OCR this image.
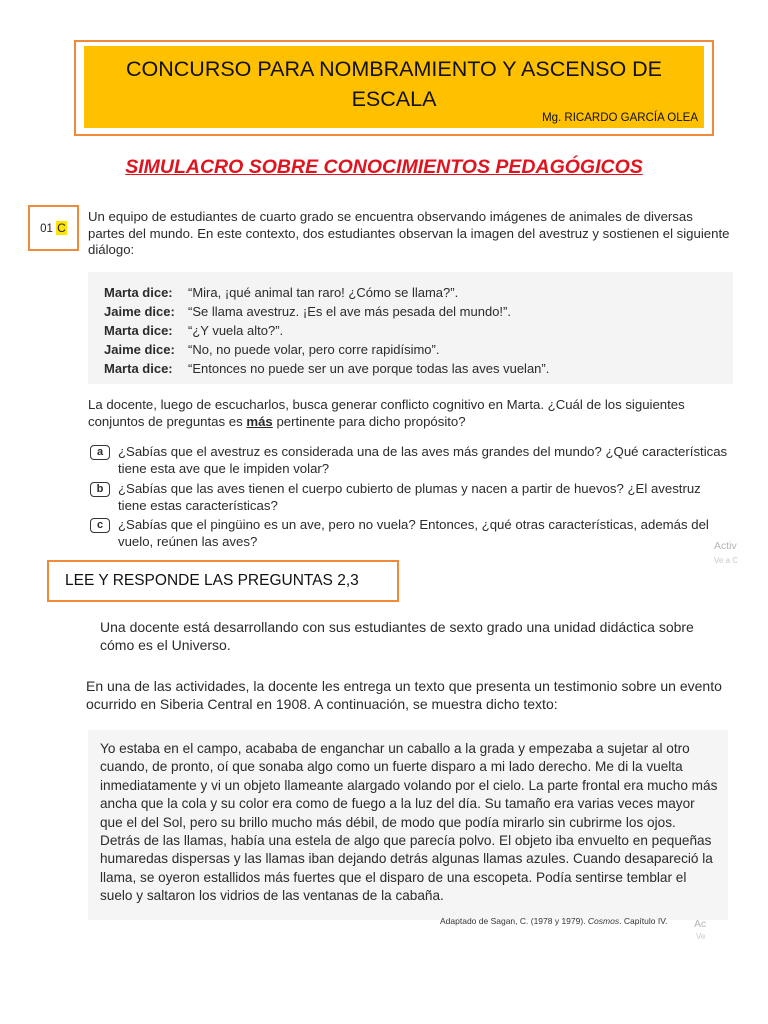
CONCURSO PARA NOMBRAMIENTO Y ASCENSO DE
ESCALA
Mg. RICARDO GARCÍA OLEA
SIMULACRO SOBRE CONOCIMIENTOS PEDAGÓGICOS
01 C
Un equipo de estudiantes de cuarto grado se encuentra observando imágenes de animales de diversas partes del mundo. En este contexto, dos estudiantes observan la imagen del avestruz y sostienen el siguiente diálogo:
Marta dice: “Mira, ¡qué animal tan raro! ¿Cómo se llama?”.
Jaime dice: “Se llama avestruz. ¡Es el ave más pesada del mundo!”.
Marta dice: “¿Y vuela alto?”.
Jaime dice: “No, no puede volar, pero corre rapidísimo”.
Marta dice: “Entonces no puede ser un ave porque todas las aves vuelan”.
La docente, luego de escucharlos, busca generar conflicto cognitivo en Marta. ¿Cuál de los siguientes conjuntos de preguntas es más pertinente para dicho propósito?
a	¿Sabías que el avestruz es considerada una de las aves más grandes del mundo? ¿Qué características tiene esta ave que le impiden volar?
b	¿Sabías que las aves tienen el cuerpo cubierto de plumas y nacen a partir de huevos? ¿El avestruz tiene estas características?
c	¿Sabías que el pingüino es un ave, pero no vuela? Entonces, ¿qué otras características, además del vuelo, reúnen las aves?	Activ
Ve a C
LEE Y RESPONDE LAS PREGUNTAS 2,3
Una docente está desarrollando con sus estudiantes de sexto grado una unidad didáctica sobre cómo es el Universo.
En una de las actividades, la docente les entrega un texto que presenta un testimonio sobre un evento ocurrido en Siberia Central en 1908. A continuación, se muestra dicho texto:
Yo estaba en el campo, acababa de enganchar un caballo a la grada y empezaba a sujetar al otro cuando, de pronto, oí que sonaba algo como un fuerte disparo a mi lado derecho. Me di la vuelta inmediatamente y vi un objeto llameante alargado volando por el cielo. La parte frontal era mucho más ancha que la cola y su color era como de fuego a la luz del día. Su tamaño era varias veces mayor que el del Sol, pero su brillo mucho más débil, de modo que podía mirarlo sin cubrirme los ojos. Detrás de las llamas, había una estela de algo que parecía polvo. El objeto iba envuelto en pequeñas humaredas dispersas y las llamas iban dejando detrás algunas llamas azules. Cuando desapareció la llama, se oyeron estallidos más fuertes que el disparo de una escopeta. Podía sentirse temblar el suelo y saltaron los vidrios de las ventanas de la cabaña.
Adaptado de Sagan, C. (1978 y 1979). Cosmos. Capítulo IV.	Ac
Ve
